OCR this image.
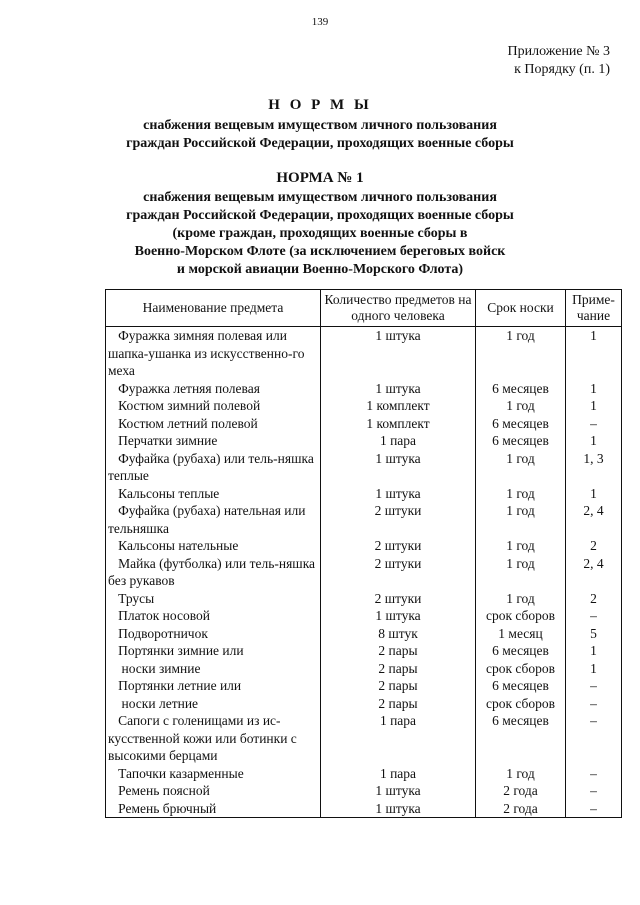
139
Приложение № 3
к Порядку (п. 1)
Н О Р М Ы
снабжения вещевым имуществом личного пользования
граждан Российской Федерации, проходящих военные сборы
НОРМА № 1
снабжения вещевым имуществом личного пользования
граждан Российской Федерации, проходящих военные сборы
(кроме граждан, проходящих военные сборы в
Военно-Морском Флоте (за исключением береговых войск
и морской авиации Военно-Морского Флота)
Наименование предмета	Количество предметов на одного человека	Срок носки	Приме-чание
Фуражка зимняя полевая или шапка-ушанка из искусственно-го меха	1 штука	1 год	1
Фуражка летняя полевая	1 штука	6 месяцев	1
Костюм зимний полевой	1 комплект	1 год	1
Костюм летний полевой	1 комплект	6 месяцев	–
Перчатки зимние	1 пара	6 месяцев	1
Фуфайка (рубаха) или тель-няшка теплые	1 штука	1 год	1, 3
Кальсоны теплые	1 штука	1 год	1
Фуфайка (рубаха) нательная или тельняшка	2 штуки	1 год	2, 4
Кальсоны нательные	2 штуки	1 год	2
Майка (футболка) или тель-няшка без рукавов	2 штуки	1 год	2, 4
Трусы	2 штуки	1 год	2
Платок носовой	1 штука	срок сборов	–
Подворотничок	8 штук	1 месяц	5
Портянки зимние или	2 пары	6 месяцев	1
носки зимние	2 пары	срок сборов	1
Портянки летние или	2 пары	6 месяцев	–
носки летние	2 пары	срок сборов	–
Сапоги с голенищами из ис-кусственной кожи или ботинки с высокими берцами	1 пара	6 месяцев	–
Тапочки казарменные	1 пара	1 год	–
Ремень поясной	1 штука	2 года	–
Ремень брючный	1 штука	2 года	–
